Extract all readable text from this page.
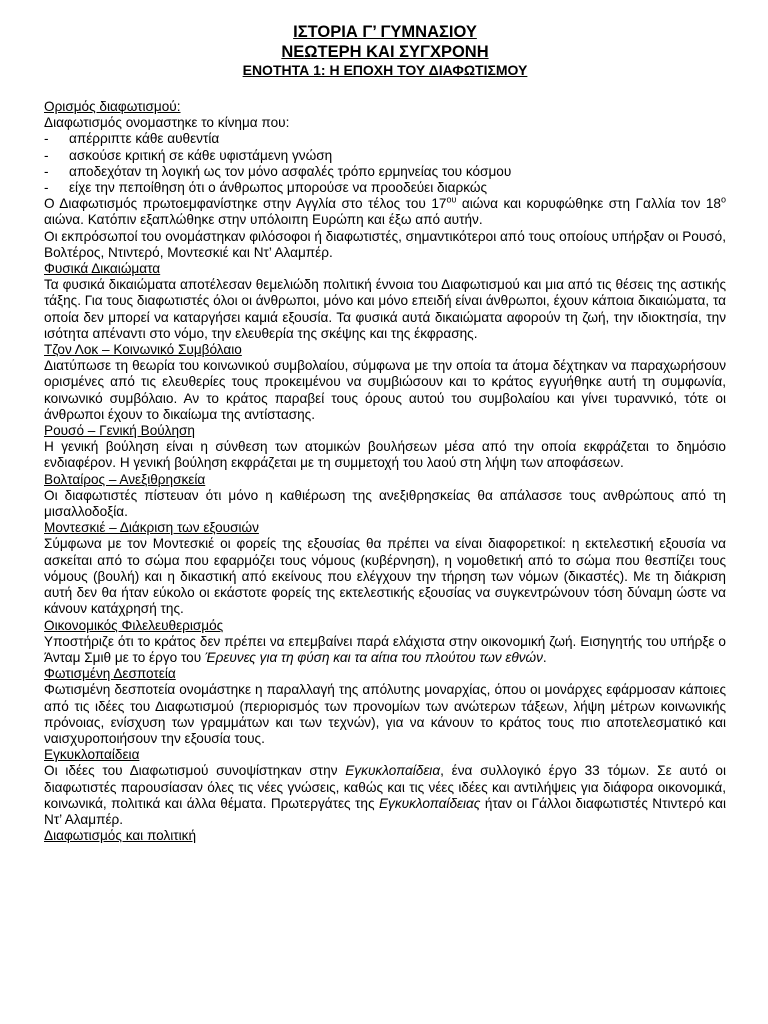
ΙΣΤΟΡΙΑ Γ’ ΓΥΜΝΑΣΙΟΥ
ΝΕΩΤΕΡΗ ΚΑΙ ΣΥΓΧΡΟΝΗ
ΕΝΟΤΗΤΑ 1: Η ΕΠΟΧΗ ΤΟΥ ΔΙΑΦΩΤΙΣΜΟΥ
Ορισμός διαφωτισμού:
Διαφωτισμός ονομαστηκε το κίνημα που:
- απέρριπτε κάθε αυθεντία
- ασκούσε κριτική σε κάθε υφιστάμενη γνώση
- αποδεχόταν τη λογική ως τον μόνο ασφαλές τρόπο ερμηνείας του κόσμου
- είχε την πεποίθηση ότι ο άνθρωπος μπορούσε να προοδεύει διαρκώς
Ο Διαφωτισμός πρωτοεμφανίστηκε στην Αγγλία στο τέλος του $17^{o\upsilon}$ αιώνα και κορυφώθηκε στη Γαλλία τον $18^o$ αιώνα. Κατόπιν εξαπλώθηκε στην υπόλοιπη Ευρώπη και έξω από αυτήν.
Οι εκπρόσωποί του ονομάστηκαν φιλόσοφοι ή διαφωτιστές, σημαντικότεροι από τους οποίους υπήρξαν οι Ρουσό, Βολτέρος, Ντιντερό, Μοντεσκιέ και Ντ’ Αλαμπέρ.
Φυσικά Δικαιώματα
Τα φυσικά δικαιώματα αποτέλεσαν θεμελιώδη πολιτική έννοια του Διαφωτισμού και μια από τις θέσεις της αστικής τάξης. Για τους διαφωτιστές όλοι οι άνθρωποι, μόνο και μόνο επειδή είναι άνθρωποι, έχουν κάποια δικαιώματα, τα οποία δεν μπορεί να καταργήσει καμιά εξουσία. Τα φυσικά αυτά δικαιώματα αφορούν τη ζωή, την ιδιοκτησία, την ισότητα απέναντι στο νόμο, την ελευθερία της σκέψης και της έκφρασης.
Τζον Λοκ – Κοινωνικό Συμβόλαιο
Διατύπωσε τη θεωρία του κοινωνικού συμβολαίου, σύμφωνα με την οποία τα άτομα δέχτηκαν να παραχωρήσουν ορισμένες από τις ελευθερίες τους προκειμένου να συμβιώσουν και το κράτος εγγυήθηκε αυτή τη συμφωνία, κοινωνικό συμβόλαιο. Αν το κράτος παραβεί τους όρους αυτού του συμβολαίου και γίνει τυραννικό, τότε οι άνθρωποι έχουν το δικαίωμα της αντίστασης.
Ρουσό – Γενική Βούληση
Η γενική βούληση είναι η σύνθεση των ατομικών βουλήσεων μέσα από την οποία εκφράζεται το δημόσιο ενδιαφέρον. Η γενική βούληση εκφράζεται με τη συμμετοχή του λαού στη λήψη των αποφάσεων.
Βολταίρος – Ανεξιθρησκεία
Οι διαφωτιστές πίστευαν ότι μόνο η καθιέρωση της ανεξιθρησκείας θα απάλασσε τους ανθρώπους από τη μισαλλοδοξία.
Μοντεσκιέ – Διάκριση των εξουσιών
Σύμφωνα με τον Μοντεσκιέ οι φορείς της εξουσίας θα πρέπει να είναι διαφορετικοί: η εκτελεστική εξουσία να ασκείται από το σώμα που εφαρμόζει τους νόμους (κυβέρνηση), η νομοθετική από το σώμα που θεσπίζει τους νόμους (βουλή) και η δικαστική από εκείνους που ελέγχουν την τήρηση των νόμων (δικαστές). Με τη διάκριση αυτή δεν θα ήταν εύκολο οι εκάστοτε φορείς της εκτελεστικής εξουσίας να συγκεντρώνουν τόση δύναμη ώστε να κάνουν κατάχρησή της.
Οικονομικός Φιλελευθερισμός
Υποστήριζε ότι το κράτος δεν πρέπει να επεμβαίνει παρά ελάχιστα στην οικονομική ζωή. Εισηγητής του υπήρξε ο Άνταμ Σμιθ με το έργο του Έρευνες για τη φύση και τα αίτια του πλούτου των εθνών.
Φωτισμένη Δεσποτεία
Φωτισμένη δεσποτεία ονομάστηκε η παραλλαγή της απόλυτης μοναρχίας, όπου οι μονάρχες εφάρμοσαν κάποιες από τις ιδέες του Διαφωτισμού (περιορισμός των προνομίων των ανώτερων τάξεων, λήψη μέτρων κοινωνικής πρόνοιας, ενίσχυση των γραμμάτων και των τεχνών), για να κάνουν το κράτος τους πιο αποτελεσματικό και ναισχυροποιήσουν την εξουσία τους.
Εγκυκλοπαίδεια
Οι ιδέες του Διαφωτισμού συνοψίστηκαν στην Εγκυκλοπαίδεια, ένα συλλογικό έργο 33 τόμων. Σε αυτό οι διαφωτιστές παρουσίασαν όλες τις νέες γνώσεις, καθώς και τις νέες ιδέες και αντιλήψεις για διάφορα οικονομικά, κοινωνικά, πολιτικά και άλλα θέματα. Πρωτεργάτες της Εγκυκλοπαίδειας ήταν οι Γάλλοι διαφωτιστές Ντιντερό και Ντ’ Αλαμπέρ.
Διαφωτισμός και πολιτική
